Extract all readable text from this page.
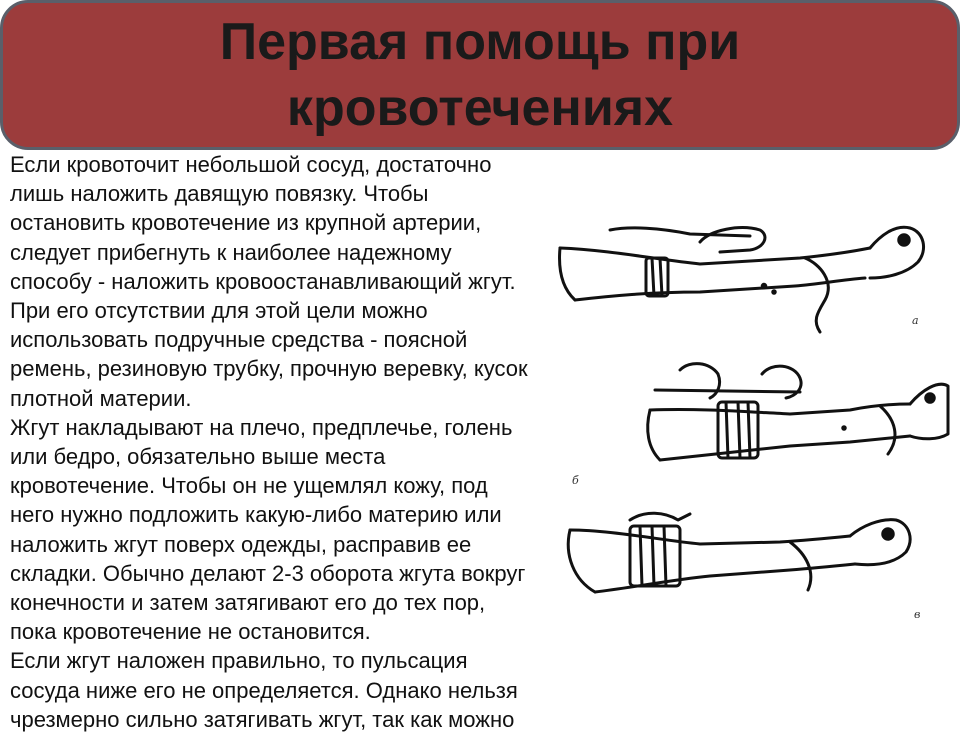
Первая помощь при
кровотечениях
Если кровоточит небольшой сосуд, достаточно
лишь наложить давящую повязку. Чтобы
остановить кровотечение из крупной артерии,
следует прибегнуть к наиболее надежному
способу - наложить кровоостанавливающий жгут.
При его отсутствии для этой цели можно
использовать подручные средства - поясной
ремень, резиновую трубку, прочную веревку, кусок
плотной материи.
Жгут накладывают на плечо, предплечье, голень
или бедро, обязательно выше места
кровотечение. Чтобы он не ущемлял кожу, под
него нужно подложить какую-либо материю или
наложить жгут поверх одежды, расправив ее
складки. Обычно делают 2-3 оборота жгута вокруг
конечности и затем затягивают его до тех пор,
пока кровотечение не остановится.
Если жгут наложен правильно, то пульсация
сосуда ниже его не определяется. Однако нельзя
чрезмерно сильно затягивать жгут, так как можно
а
б
в
